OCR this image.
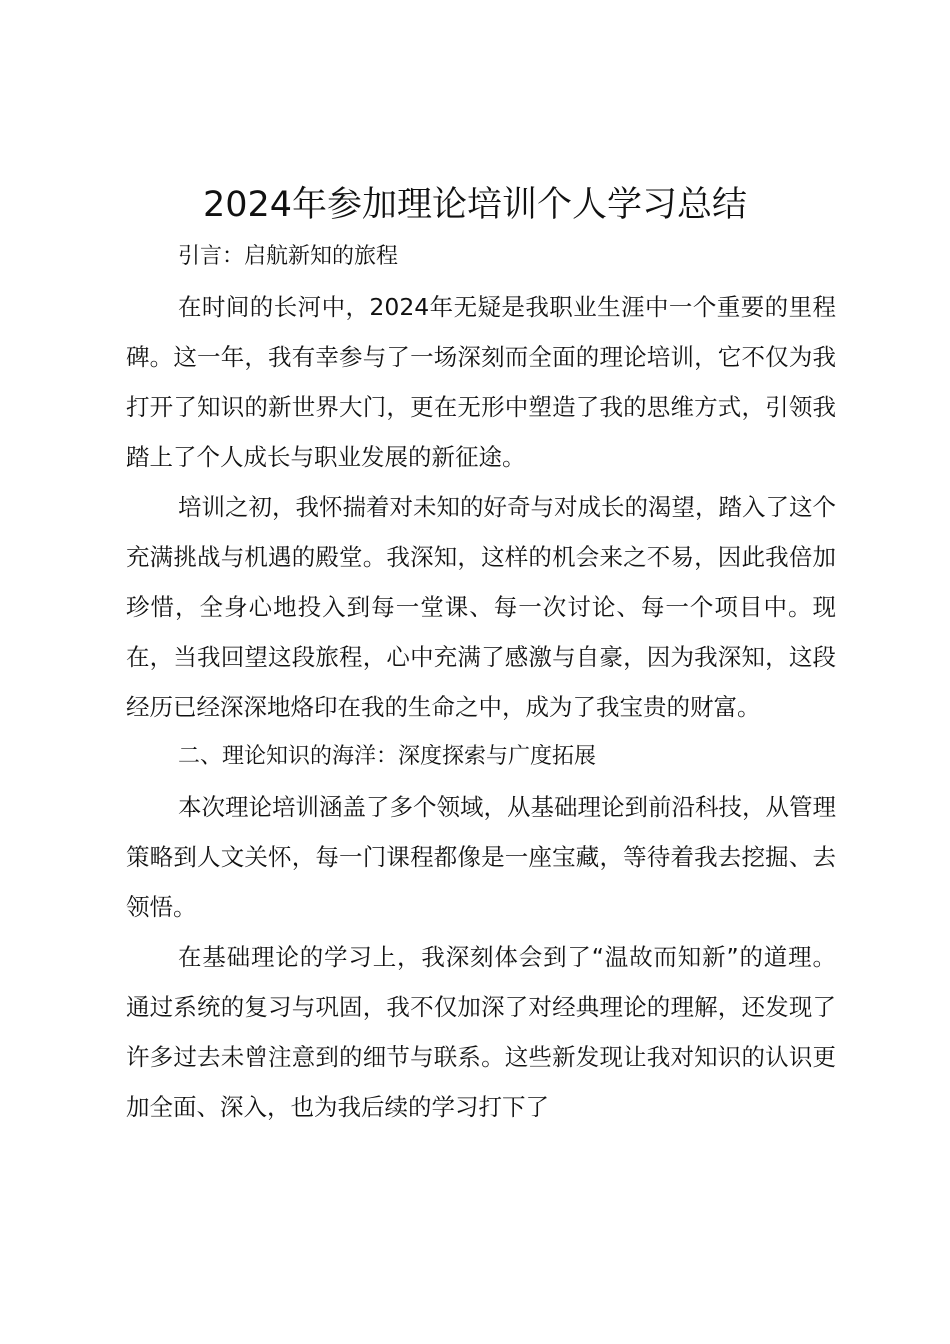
2024年参加理论培训个人学习总结

引言：启航新知的旅程

在时间的长河中，2024年无疑是我职业生涯中一个重要的里程碑。这一年，我有幸参与了一场深刻而全面的理论培训，它不仅为我打开了知识的新世界大门，更在无形中塑造了我的思维方式，引领我踏上了个人成长与职业发展的新征途。

培训之初，我怀揣着对未知的好奇与对成长的渴望，踏入了这个充满挑战与机遇的殿堂。我深知，这样的机会来之不易，因此我倍加珍惜，全身心地投入到每一堂课、每一次讨论、每一个项目中。现在，当我回望这段旅程，心中充满了感激与自豪，因为我深知，这段经历已经深深地烙印在我的生命之中，成为了我宝贵的财富。

二、理论知识的海洋：深度探索与广度拓展

本次理论培训涵盖了多个领域，从基础理论到前沿科技，从管理策略到人文关怀，每一门课程都像是一座宝藏，等待着我去挖掘、去领悟。

在基础理论的学习上，我深刻体会到了“温故而知新”的道理。通过系统的复习与巩固，我不仅加深了对经典理论的理解，还发现了许多过去未曾注意到的细节与联系。这些新发现让我对知识的认识更加全面、深入，也为我后续的学习打下了
